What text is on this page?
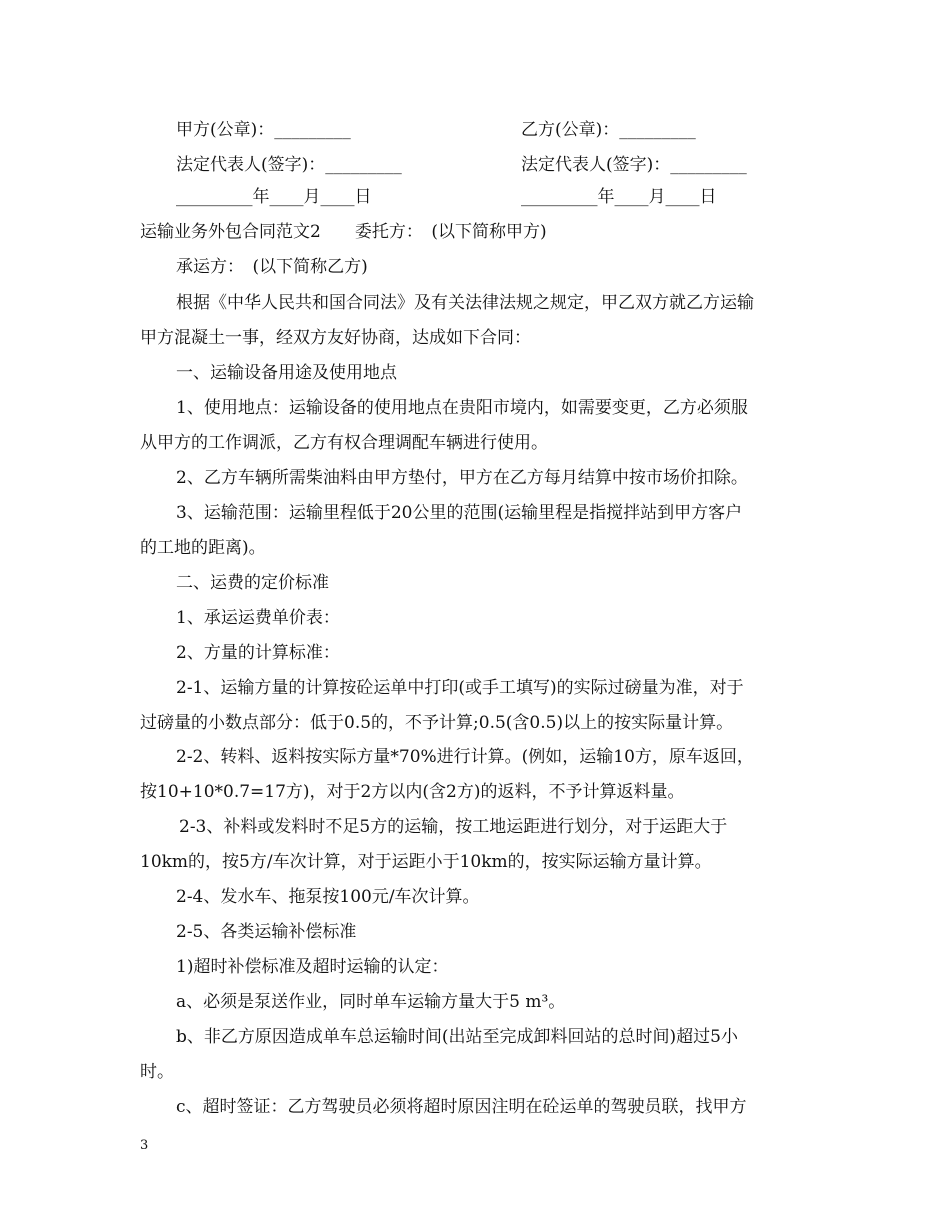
甲方(公章)：_________	乙方(公章)：_________
法定代表人(签字)：_________	法定代表人(签字)：_________
_________年____月____日	_________年____月____日
运输业务外包合同范文2　　委托方：　(以下简称甲方)
承运方：　(以下简称乙方)
根据《中华人民共和国合同法》及有关法律法规之规定，甲乙双方就乙方运输
甲方混凝土一事，经双方友好协商，达成如下合同：
一、运输设备用途及使用地点
1、使用地点：运输设备的使用地点在贵阳市境内，如需要变更，乙方必须服
从甲方的工作调派，乙方有权合理调配车辆进行使用。
2、乙方车辆所需柴油料由甲方垫付，甲方在乙方每月结算中按市场价扣除。
3、运输范围：运输里程低于20公里的范围(运输里程是指搅拌站到甲方客户
的工地的距离)。
二、运费的定价标准
1、承运运费单价表：
2、方量的计算标准：
2-1、运输方量的计算按砼运单中打印(或手工填写)的实际过磅量为准，对于
过磅量的小数点部分：低于0.5的，不予计算;0.5(含0.5)以上的按实际量计算。
2-2、转料、返料按实际方量*70%进行计算。(例如，运输10方，原车返回，
按10+10*0.7=17方)，对于2方以内(含2方)的返料，不予计算返料量。
2-3、补料或发料时不足5方的运输，按工地运距进行划分，对于运距大于
10km的，按5方/车次计算，对于运距小于10km的，按实际运输方量计算。
2-4、发水车、拖泵按100元/车次计算。
2-5、各类运输补偿标准
1)超时补偿标准及超时运输的认定：
a、必须是泵送作业，同时单车运输方量大于5 m³。
b、非乙方原因造成单车总运输时间(出站至完成卸料回站的总时间)超过5小
时。
c、超时签证：乙方驾驶员必须将超时原因注明在砼运单的驾驶员联，找甲方
3
